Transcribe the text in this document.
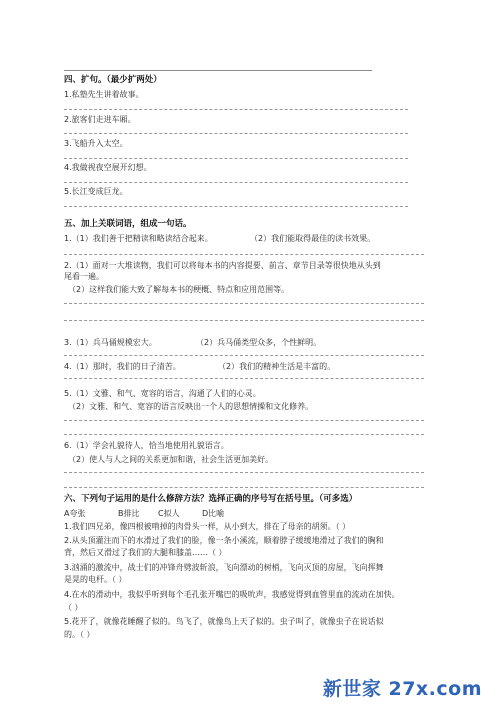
四、扩句。（最少扩两处）
1.私塾先生讲着故事。
2.旅客们走进车厢。
3.飞船升入太空。
4.我做视夜空展开幻想。
5.长江变成巨龙。
五、加上关联词语，组成一句话。
1.（1）我们善于把精读和略读结合起来。	（2）我们能取得最佳的读书效果。
2.（1）面对一大堆读物，我们可以将每本书的内容提要、前言、章节目录等很快地从头到
尾看一遍。
（2）这样我们能大致了解每本书的梗概、特点和应用范围等。
3.（1）兵马俑规模宏大。	（2）兵马俑类型众多，个性鲜明。
4.（1）那时，我们的日子清苦。	（2）我们的精神生活是丰富的。
5.（1）文雅、和气、宽容的语言，沟通了人们的心灵。
（2）文雅、和气、宽容的语言反映出一个人的思想情操和文化修养。
6.（1）学会礼貌待人，恰当地使用礼貌语言。
（2）使人与人之间的关系更加和谐，社会生活更加美好。
六、下列句子运用的是什么修辞方法？选择正确的序号写在括号里。（可多选）
A夸张	B排比 C拟人	D比喻
1.我们四兄弟，像四根被啃掉的肉骨头一样，从小到大，排在了母亲的胡须。（ ）
2.从头顶灌注而下的水滑过了我们的脸，像一条小溪流，顺着脖子缓缓地滑过了我们的胸和
背，然后又滑过了我们的大腿和膝盖……（ ）
3.汹涌的激流中，战士们的冲锋舟劈波斩浪，飞向漂动的树梢，飞向灭顶的房屋，飞向挥舞
是晃的电杆。（ ）
4.在水的滑动中，我似乎听到每个毛孔张开嘴巴的吸吮声，我感觉得到血管里血的流动在加快。
（ ）
5.花开了，就像花睡醒了似的。鸟飞了，就像鸟上天了似的。虫子叫了，就像虫子在说话似
的。（ ）
新世家 27x.com
